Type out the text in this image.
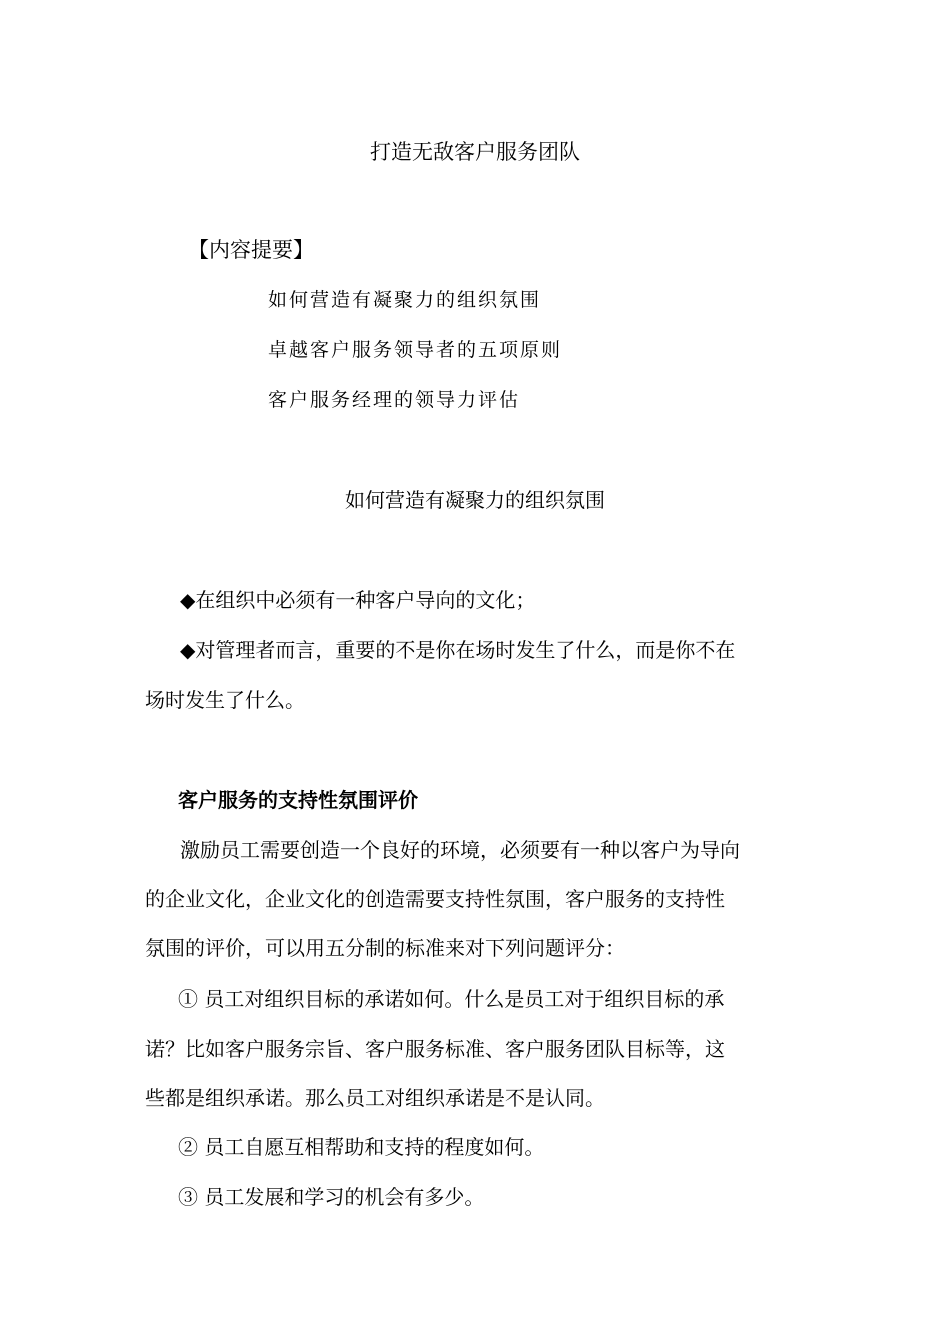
打造无敌客户服务团队
【内容提要】
如何营造有凝聚力的组织氛围
卓越客户服务领导者的五项原则
客户服务经理的领导力评估
如何营造有凝聚力的组织氛围
◆在组织中必须有一种客户导向的文化；
◆对管理者而言，重要的不是你在场时发生了什么，而是你不在
场时发生了什么。
客户服务的支持性氛围评价
激励员工需要创造一个良好的环境，必须要有一种以客户为导向
的企业文化，企业文化的创造需要支持性氛围，客户服务的支持性
氛围的评价，可以用五分制的标准来对下列问题评分：
① 员工对组织目标的承诺如何。什么是员工对于组织目标的承
诺？比如客户服务宗旨、客户服务标准、客户服务团队目标等，这
些都是组织承诺。那么员工对组织承诺是不是认同。
② 员工自愿互相帮助和支持的程度如何。
③ 员工发展和学习的机会有多少。
